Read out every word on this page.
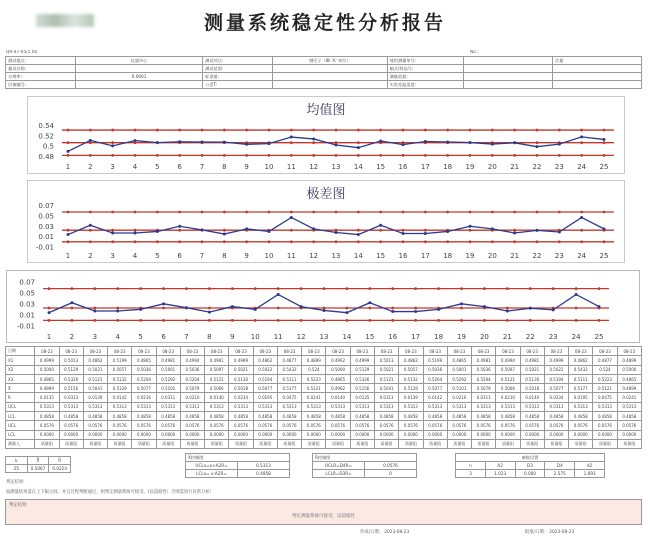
测量系统稳定性分析报告
QR-47-05/1.00	No.:
测试地点:	仪器中心	测试项目:	钢壳子（Ⅲ/ 'A' 单位）	使用测量单号:		含量
量具名称:		测试范围:		制式/样品号:		
分辨率:	0.0001	标准值:		测量依据:		
设备编号:		公差T:		实验室温湿度:		
均值图
0.54
0.52
0.5
0.48
1	2	3	4	5	6	7	8	9 10 11 12 13 14 15 16 17 18 19 20 21 22 23 24 25
极差图
0.07
0.05
0.03
0.01
-0.01
1	2	3	4	5	6	7	8	9 10 11 12 13 14 15 16 17 18 19 20 21 22 23 24 25
0.07
0.05
0.03
0.01
-0.01
1	2	3	4	5	6	7	8	9 10 11 12 13 14 15 16 17 18 19 20 21 22 23 24 25
日期	08-23	08-23	08-23	08-23	08-23	08-23	08-23	08-23	08-23	08-23	08-23	08-23	08-23	08-23	08-23	08-23	08-23	08-23	08-23	08-23	08-23	08-23	08-23	08-23	08-23
X1	0.4999	0.5013	0.4862	0.5199	0.4865	0.4981	0.4994	0.4981	0.4999	0.4862	0.4877	0.4899	0.4962	0.4999	0.5013	0.4862	0.5199	0.4865	0.4981	0.4994	0.4981	0.4999	0.4862	0.4877	0.4899
X2	0.5000	0.5129	0.5021	0.5057	0.5036	0.5001	0.5036	0.5097	0.5021	0.5022	0.5432	0.524	0.5000	0.5129	0.5021	0.5057	0.5036	0.5001	0.5036	0.5097	0.5021	0.5022	0.5432	0.524	0.5000
X3	0.4865	0.5326	0.5121	0.5132	0.5204	0.5292	0.5204	0.5121	0.5130	0.5194	0.5111	0.5223	0.4865	0.5326	0.5121	0.5132	0.5204	0.5292	0.5204	0.5121	0.5130	0.5194	0.5111	0.5223	0.4865
X̄	0.4899	0.5156	0.5041	0.5129	0.5077	0.5101	0.5079	0.5066	0.5018	0.5077	0.5177	0.5121	0.4962	0.5156	0.5041	0.5129	0.5077	0.5101	0.5079	0.5066	0.5018	0.5077	0.5177	0.5121	0.4899
R	0.0135	0.0313	0.0139	0.0142	0.0216	0.0311	0.0210	0.0140	0.0234	0.0195	0.0475	0.0241	0.0140	0.0135	0.0313	0.0139	0.0142	0.0216	0.0311	0.0210	0.0140	0.0234	0.0195	0.0475	0.0241
UCL	0.5313	0.5313	0.5313	0.5313	0.5313	0.5313	0.5313	0.5313	0.5313	0.5313	0.5313	0.5313	0.5313	0.5313	0.5313	0.5313	0.5313	0.5313	0.5313	0.5313	0.5313	0.5313	0.5313	0.5313	0.5313
LCL	0.4858	0.4858	0.4858	0.4858	0.4858	0.4858	0.4858	0.4858	0.4858	0.4858	0.4858	0.4858	0.4858	0.4858	0.4858	0.4858	0.4858	0.4858	0.4858	0.4858	0.4858	0.4858	0.4858	0.4858	0.4858
UCL	0.0576	0.0576	0.0576	0.0576	0.0576	0.0576	0.0576	0.0576	0.0576	0.0576	0.0576	0.0576	0.0576	0.0576	0.0576	0.0576	0.0576	0.0576	0.0576	0.0576	0.0576	0.0576	0.0576	0.0576	0.0576
LCL	0.0000	0.0000	0.0000	0.0000	0.0000	0.0000	0.0000	0.0000	0.0000	0.0000	0.0000	0.0000	0.0000	0.0000	0.0000	0.0000	0.0000	0.0000	0.0000	0.0000	0.0000	0.0000	0.0000	0.0000	0.0000
测量人	质量组	质量组	质量组	质量组	质量组	质量组	质量组	质量组	质量组	质量组	质量组	质量组	质量组	质量组	质量组	质量组	质量组	质量组	质量组	质量组	质量组	质量组	质量组	质量组	质量组
k	X̿	R̄
25	0.5067	0.0224
X̄控制图	
UCLx=x+A2R=	0.5313
LCLx= x-A2R=	0.4858
R控制图	
UCLR=D4R=	0.0576
LCLR=D3R=	0
参数设置				
n	A2	D3	D4	d2
3	1.023	0.000	2.575	1.693
判定结果:
如测量结果落在上下限之间，并且过程判断通过，则判定测量系统可接受。(以超稳性）否则需进行异常分析）
判定结果:
判定测量系统可接受，以超稳性
作成/日期： 2023-08-23	批准/日期： 2023-08-23
